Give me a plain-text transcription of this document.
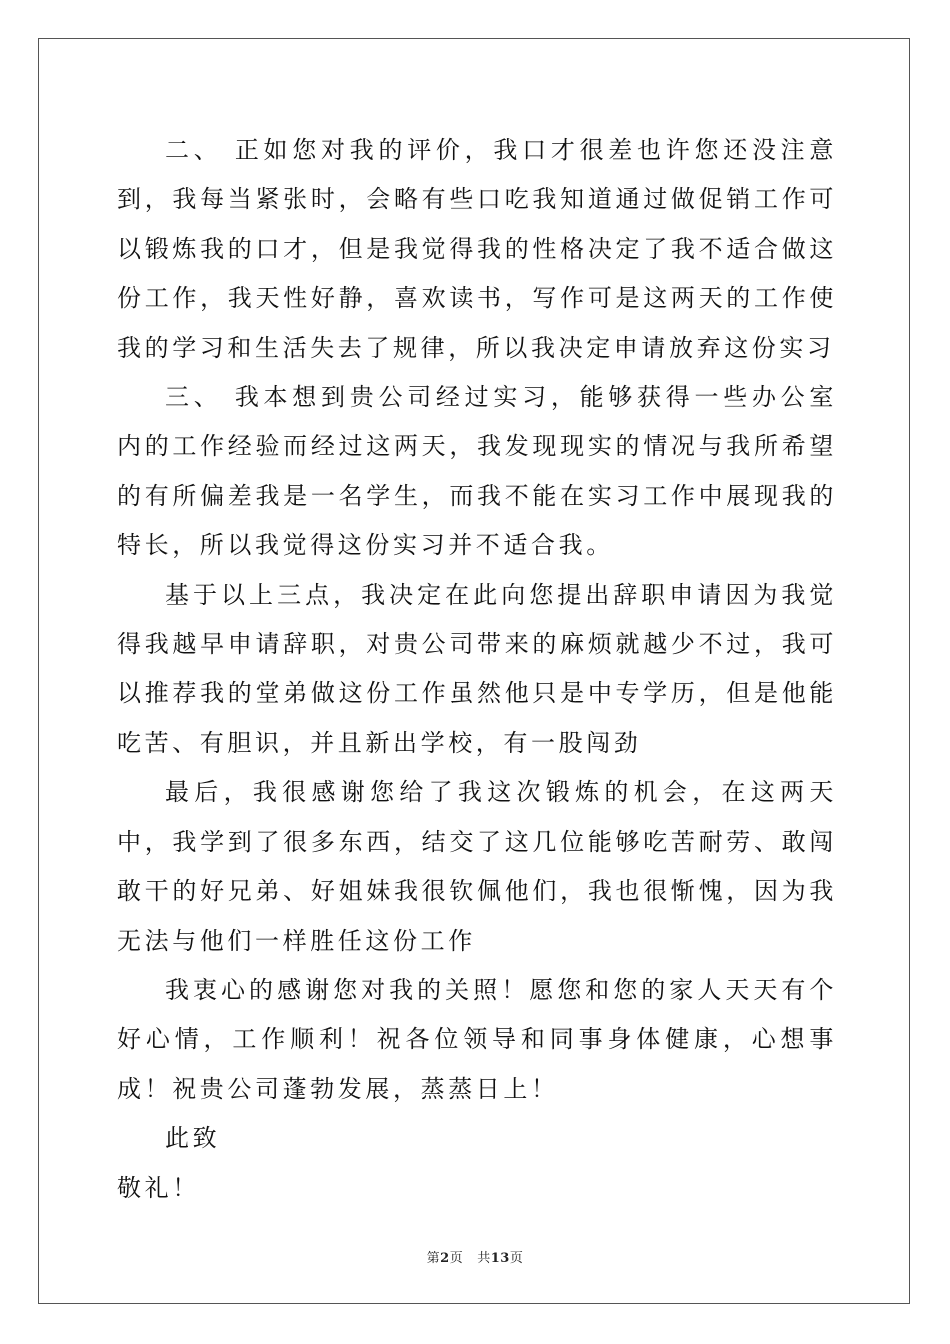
二、 正如您对我的评价，我口才很差也许您还没注意到，我每当紧张时，会略有些口吃我知道通过做促销工作可以锻炼我的口才，但是我觉得我的性格决定了我不适合做这份工作，我天性好静，喜欢读书，写作可是这两天的工作使我的学习和生活失去了规律，所以我决定申请放弃这份实习

三、 我本想到贵公司经过实习，能够获得一些办公室内的工作经验而经过这两天，我发现现实的情况与我所希望的有所偏差我是一名学生，而我不能在实习工作中展现我的特长，所以我觉得这份实习并不适合我。

基于以上三点，我决定在此向您提出辞职申请因为我觉得我越早申请辞职，对贵公司带来的麻烦就越少不过，我可以推荐我的堂弟做这份工作虽然他只是中专学历，但是他能吃苦、有胆识，并且新出学校，有一股闯劲

最后，我很感谢您给了我这次锻炼的机会，在这两天中，我学到了很多东西，结交了这几位能够吃苦耐劳、敢闯敢干的好兄弟、好姐妹我很钦佩他们，我也很惭愧，因为我无法与他们一样胜任这份工作

我衷心的感谢您对我的关照！愿您和您的家人天天有个好心情，工作顺利！祝各位领导和同事身体健康，心想事成！祝贵公司蓬勃发展，蒸蒸日上！

此致

敬礼！

第2页 共13页
